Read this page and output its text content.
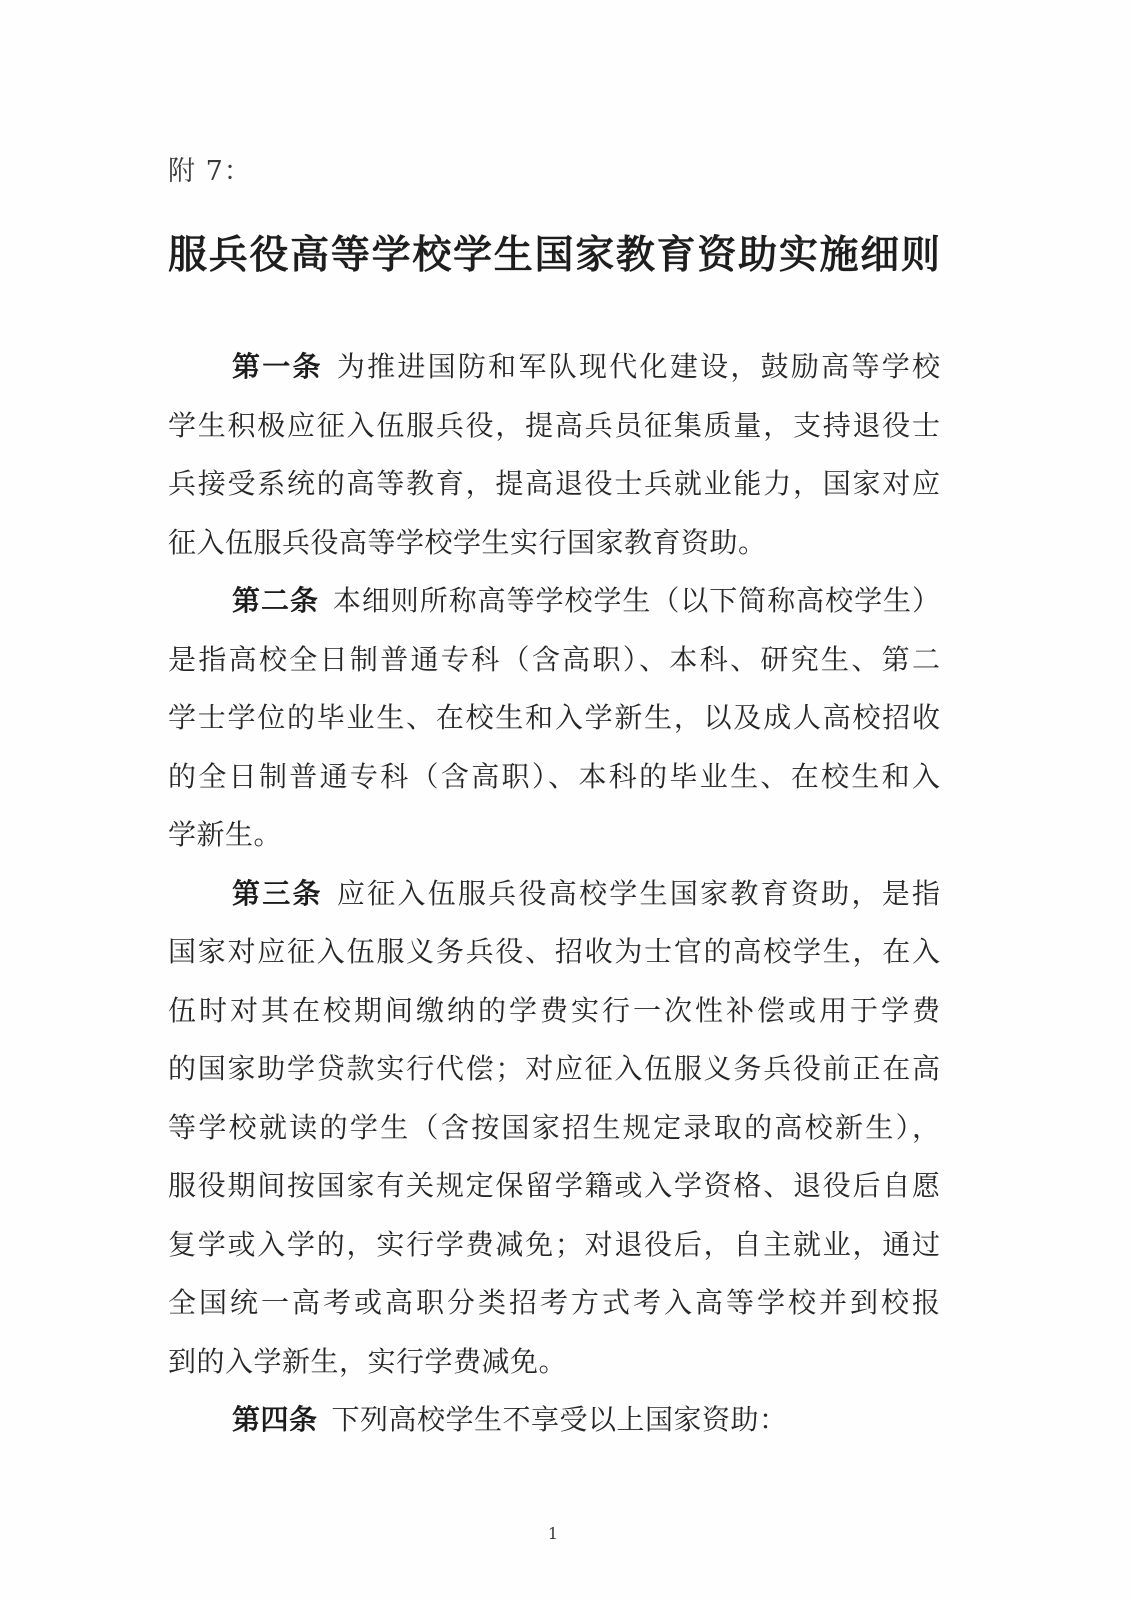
附 7：
服兵役高等学校学生国家教育资助实施细则
第一条 为推进国防和军队现代化建设，鼓励高等学校
学生积极应征入伍服兵役，提高兵员征集质量，支持退役士
兵接受系统的高等教育，提高退役士兵就业能力，国家对应
征入伍服兵役高等学校学生实行国家教育资助。
第二条 本细则所称高等学校学生（以下简称高校学生）
是指高校全日制普通专科（含高职）、本科、研究生、第二
学士学位的毕业生、在校生和入学新生，以及成人高校招收
的全日制普通专科（含高职）、本科的毕业生、在校生和入
学新生。
第三条 应征入伍服兵役高校学生国家教育资助，是指
国家对应征入伍服义务兵役、招收为士官的高校学生，在入
伍时对其在校期间缴纳的学费实行一次性补偿或用于学费
的国家助学贷款实行代偿；对应征入伍服义务兵役前正在高
等学校就读的学生（含按国家招生规定录取的高校新生），
服役期间按国家有关规定保留学籍或入学资格、退役后自愿
复学或入学的，实行学费减免；对退役后，自主就业，通过
全国统一高考或高职分类招考方式考入高等学校并到校报
到的入学新生，实行学费减免。
第四条 下列高校学生不享受以上国家资助：
1
